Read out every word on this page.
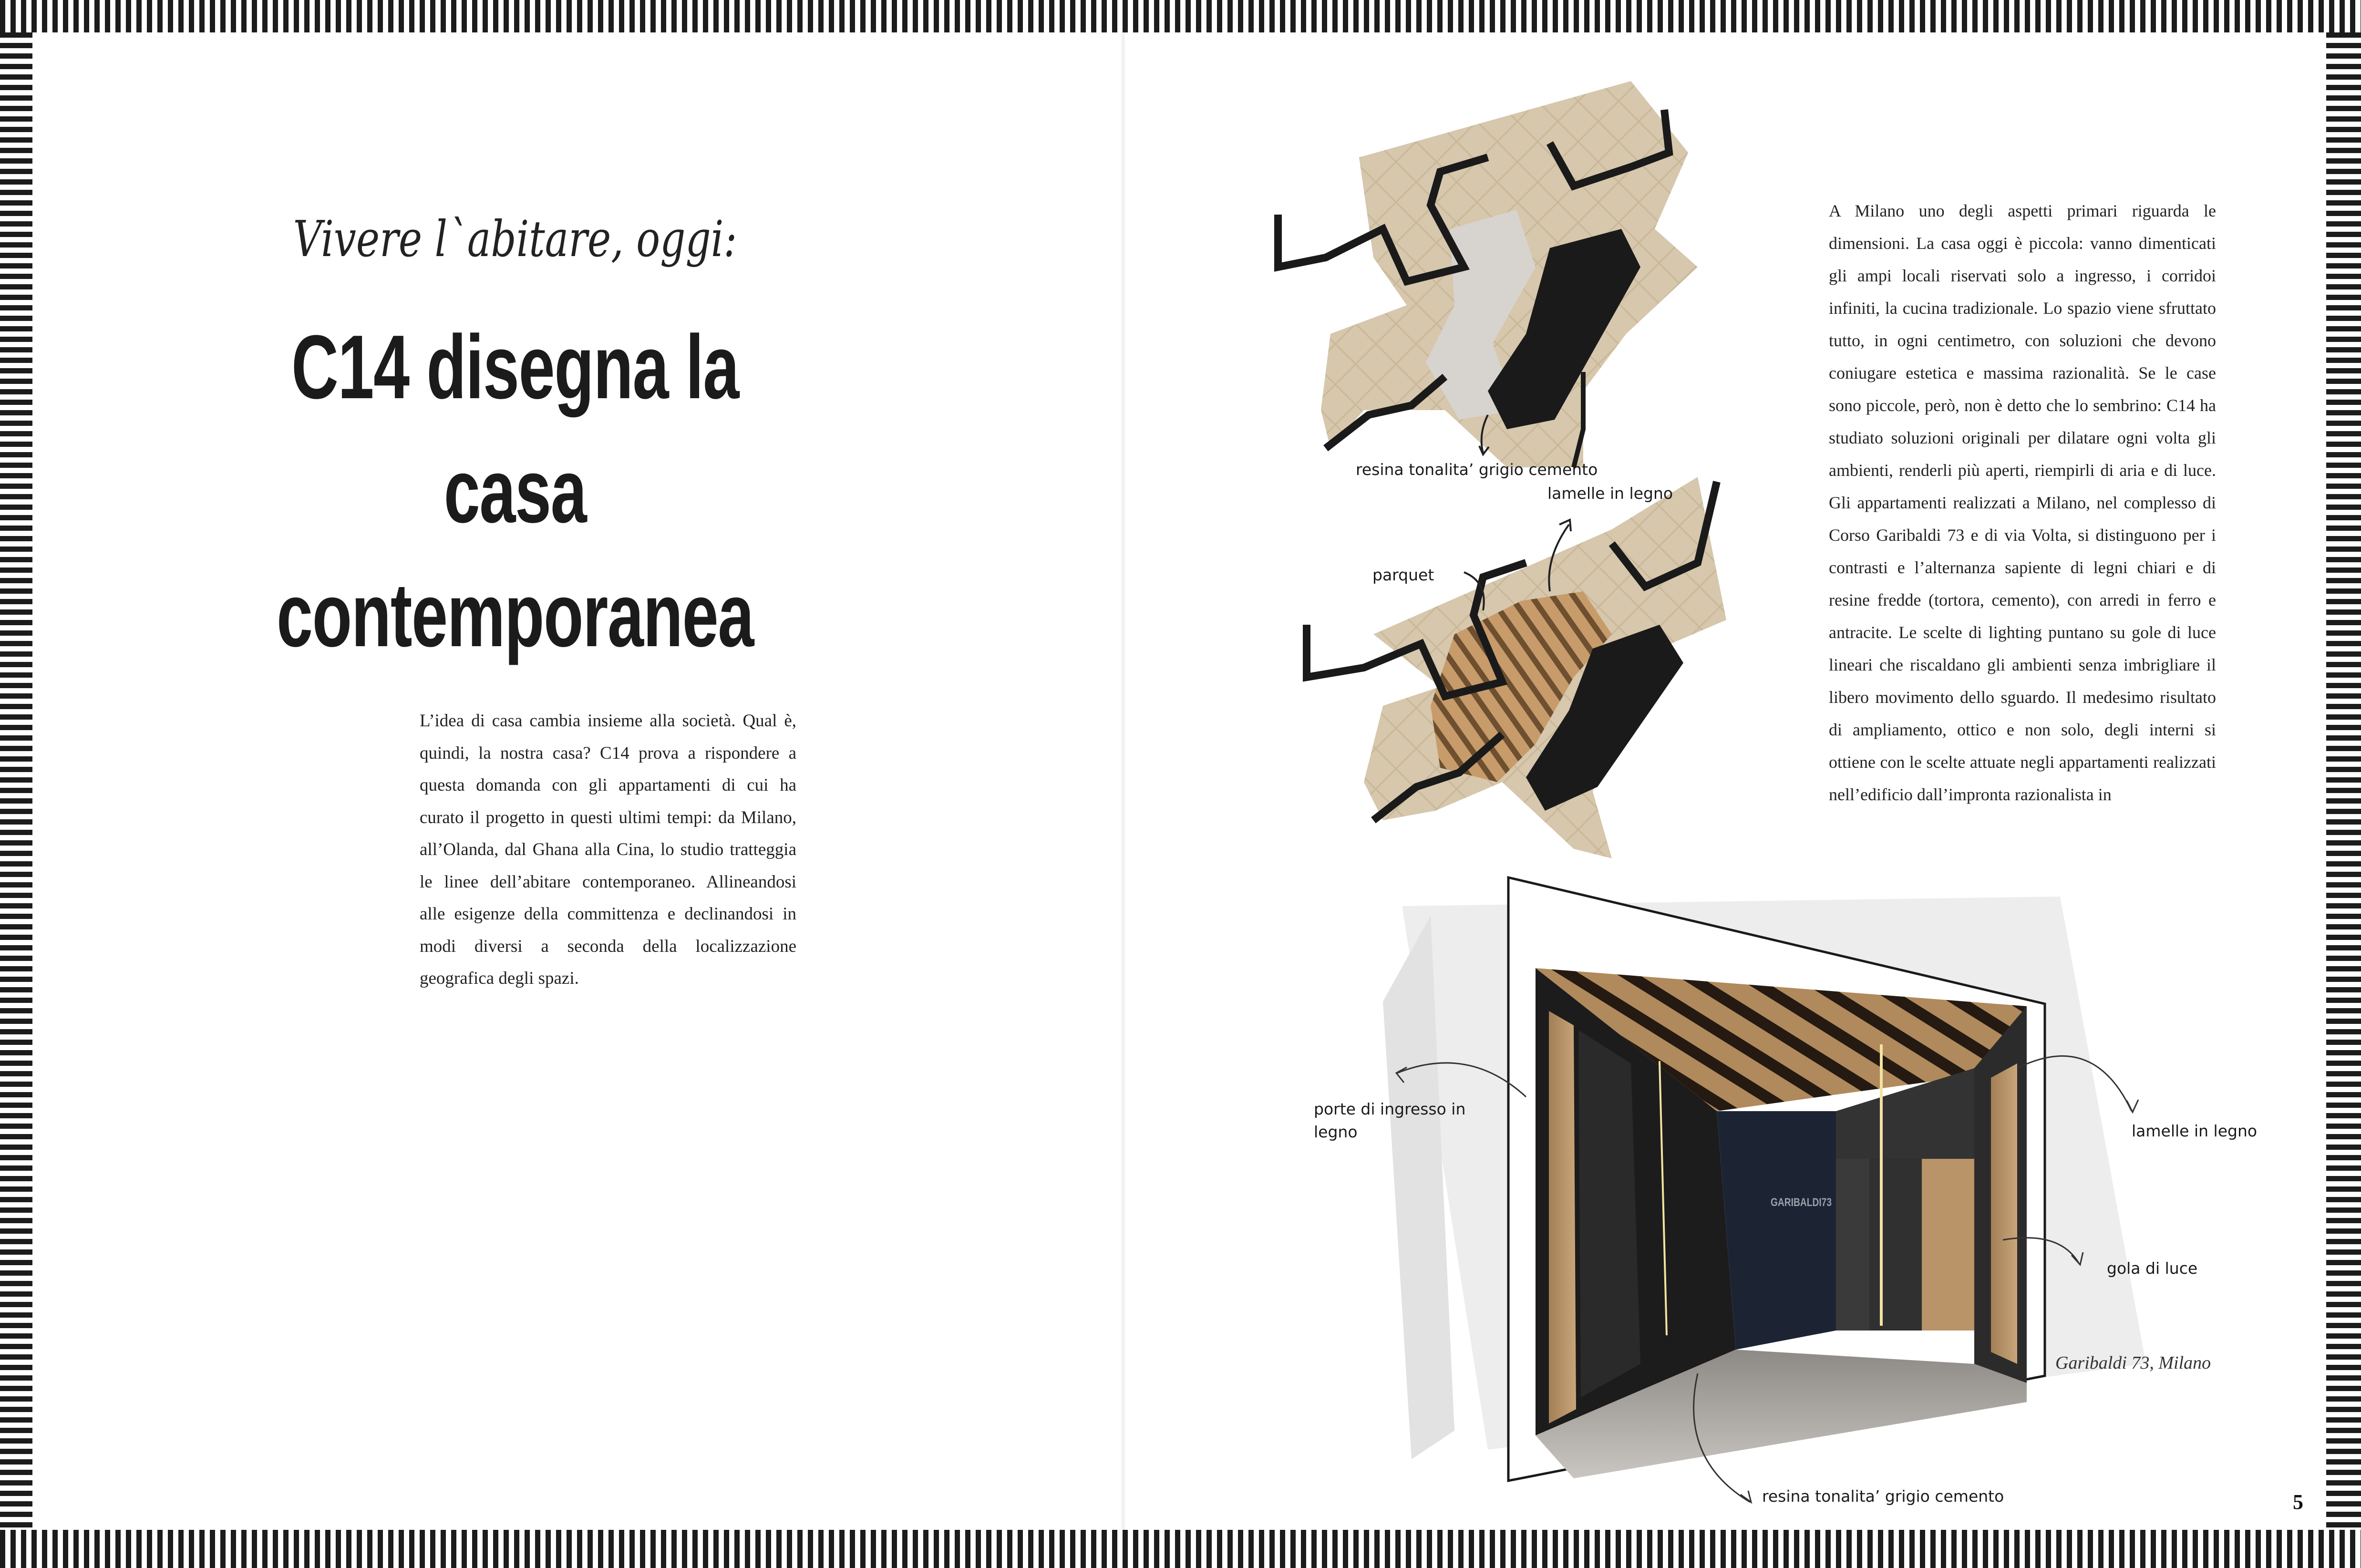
Vivere l`abitare, oggi:
C14 disegna la casa
contemporanea
L’idea di casa cambia insieme alla società. Qual è, quindi, la nostra casa? C14 prova a rispondere a questa domanda con gli appartamenti di cui ha curato il progetto in questi ultimi tempi: da Milano, all’Olanda, dal Ghana alla Cina, lo studio tratteggia le linee dell’abitare contemporaneo. Allineandosi alle esigenze della committenza e declinandosi in modi diversi a seconda della localizzazione geografica degli spazi.
resina tonalita’ grigio cemento
lamelle in legno
parquet
porte di ingresso in
legno	lamelle in legno
gola di luce
resina tonalita’ grigio cemento
GARIBALDI73
A Milano uno degli aspetti primari riguarda le dimensioni. La casa oggi è piccola: vanno dimenticati gli ampi locali riservati solo a ingresso, i corridoi infiniti, la cucina tradizionale. Lo spazio viene sfruttato tutto, in ogni centimetro, con soluzioni che devono coniugare estetica e massima razionalità. Se le case sono piccole, però, non è detto che lo sembrino: C14 ha studiato soluzioni originali per dilatare ogni volta gli ambienti, renderli più aperti, riempirli di aria e di luce. Gli appartamenti realizzati a Milano, nel complesso di Corso Garibaldi 73 e di via Volta, si distinguono per i contrasti e l’alternanza sapiente di legni chiari e di resine fredde (tortora, cemento), con arredi in ferro e antracite. Le scelte di lighting puntano su gole di luce lineari che riscaldano gli ambienti senza imbrigliare il libero movimento dello sguardo. Il medesimo risultato di ampliamento, ottico e non solo, degli interni si ottiene con le scelte attuate negli appartamenti realizzati nell’edificio dall’impronta razionalista in
Garibaldi 73, Milano
5
